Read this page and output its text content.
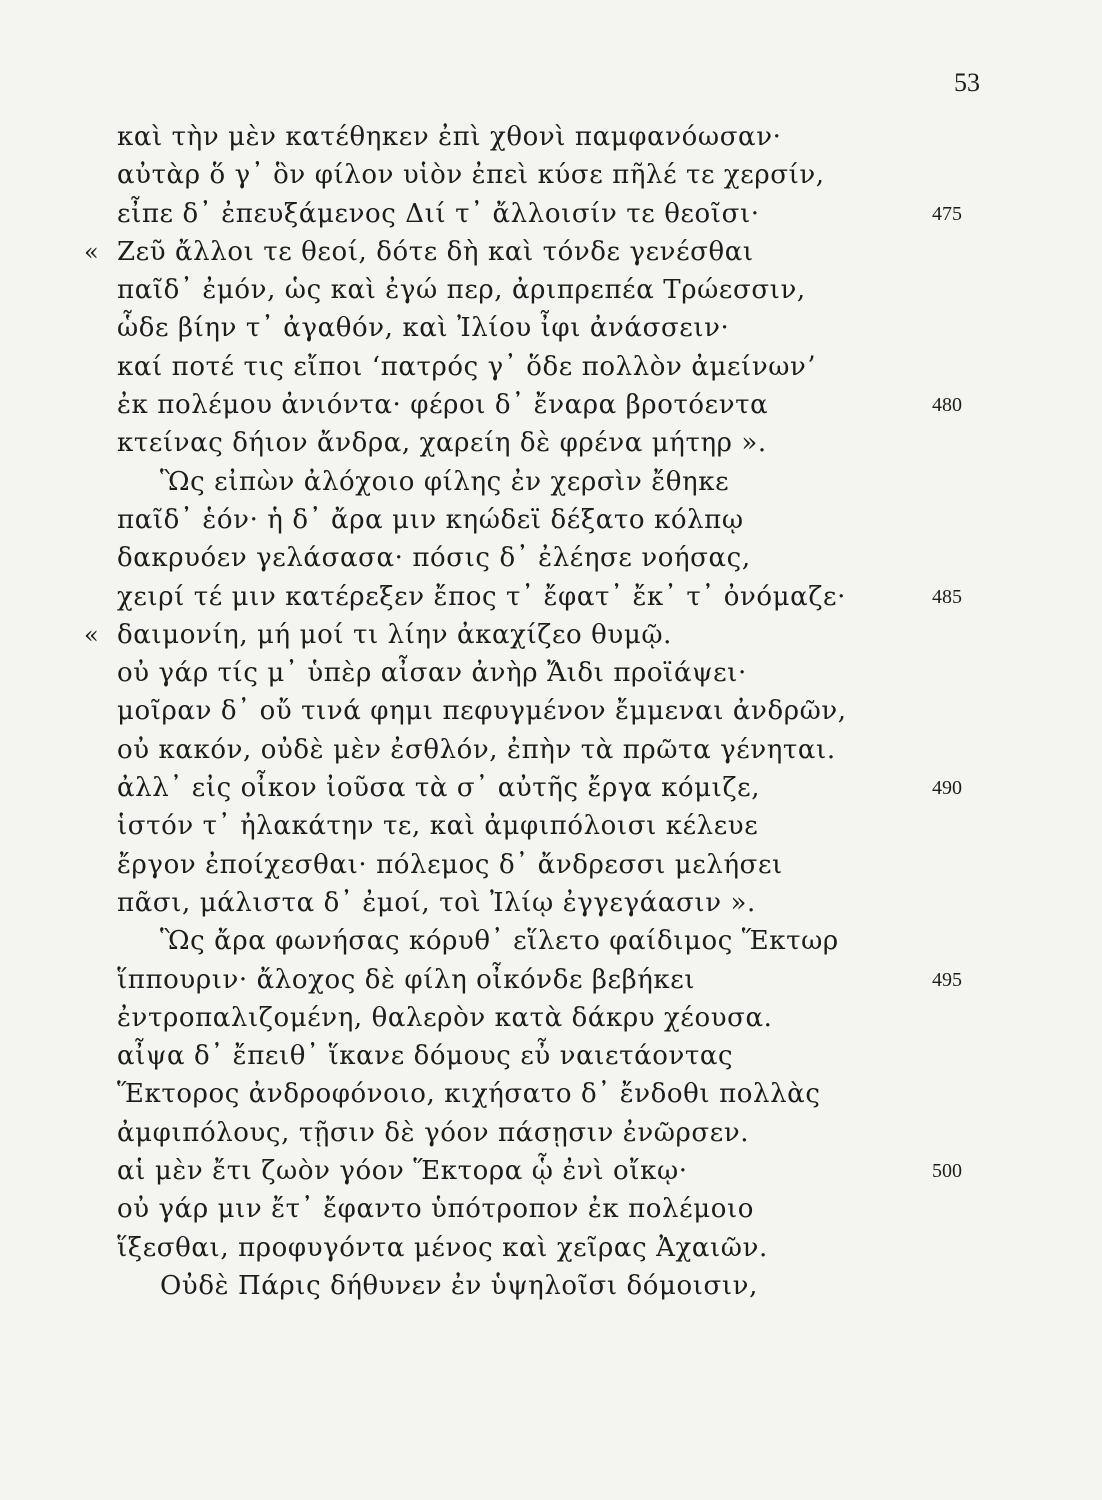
53
καὶ τὴν μὲν κατέθηκεν ἐπὶ χθονὶ παμφανόωσαν·
αὐτὰρ ὅ γ᾽ ὃν φίλον υἱὸν ἐπεὶ κύσε πῆλέ τε χερσίν,
εἶπε δ᾽ ἐπευξάμενος Διί τ᾽ ἄλλοισίν τε θεοῖσι·	475
« Ζεῦ ἄλλοι τε θεοί, δότε δὴ καὶ τόνδε γενέσθαι
παῖδ᾽ ἐμόν, ὡς καὶ ἐγώ περ, ἀριπρεπέα Τρώεσσιν,
ὧδε βίην τ᾽ ἀγαθόν, καὶ Ἰλίου ἶφι ἀνάσσειν·
καί ποτέ τις εἴποι ʻπατρός γ᾽ ὅδε πολλὸν ἀμείνωνʼ
ἐκ πολέμου ἀνιόντα· φέροι δ᾽ ἔναρα βροτόεντα	480
κτείνας δήιον ἄνδρα, χαρείη δὲ φρένα μήτηρ ».
Ὣς εἰπὼν ἀλόχοιο φίλης ἐν χερσὶν ἔθηκε
παῖδ᾽ ἑόν· ἡ δ᾽ ἄρα μιν κηώδεϊ δέξατο κόλπῳ
δακρυόεν γελάσασα· πόσις δ᾽ ἐλέησε νοήσας,
χειρί τέ μιν κατέρεξεν ἔπος τ᾽ ἔφατ᾽ ἔκ᾽ τ᾽ ὀνόμαζε·	485
« δαιμονίη, μή μοί τι λίην ἀκαχίζεο θυμῷ.
οὐ γάρ τίς μ᾽ ὑπὲρ αἶσαν ἀνὴρ Ἄιδι προϊάψει·
μοῖραν δ᾽ οὔ τινά φημι πεφυγμένον ἔμμεναι ἀνδρῶν,
οὐ κακόν, οὐδὲ μὲν ἐσθλόν, ἐπὴν τὰ πρῶτα γένηται.
ἀλλ᾽ εἰς οἶκον ἰοῦσα τὰ σ᾽ αὐτῆς ἔργα κόμιζε,	490
ἱστόν τ᾽ ἠλακάτην τε, καὶ ἀμφιπόλοισι κέλευε
ἔργον ἐποίχεσθαι· πόλεμος δ᾽ ἄνδρεσσι μελήσει
πᾶσι, μάλιστα δ᾽ ἐμοί, τοὶ Ἰλίῳ ἐγγεγάασιν ».
Ὣς ἄρα φωνήσας κόρυθ᾽ εἵλετο φαίδιμος Ἕκτωρ
ἵππουριν· ἄλοχος δὲ φίλη οἶκόνδε βεβήκει	495
ἐντροπαλιζομένη, θαλερὸν κατὰ δάκρυ χέουσα.
αἶψα δ᾽ ἔπειθ᾽ ἵκανε δόμους εὖ ναιετάοντας
Ἕκτορος ἀνδροφόνοιο, κιχήσατο δ᾽ ἔνδοθι πολλὰς
ἀμφιπόλους, τῇσιν δὲ γόον πάσῃσιν ἐνῶρσεν.
αἱ μὲν ἔτι ζωὸν γόον Ἕκτορα ᾧ ἐνὶ οἴκῳ·	500
οὐ γάρ μιν ἔτ᾽ ἔφαντο ὑπότροπον ἐκ πολέμοιο
ἵξεσθαι, προφυγόντα μένος καὶ χεῖρας Ἀχαιῶν.
Οὐδὲ Πάρις δήθυνεν ἐν ὑψηλοῖσι δόμοισιν,
